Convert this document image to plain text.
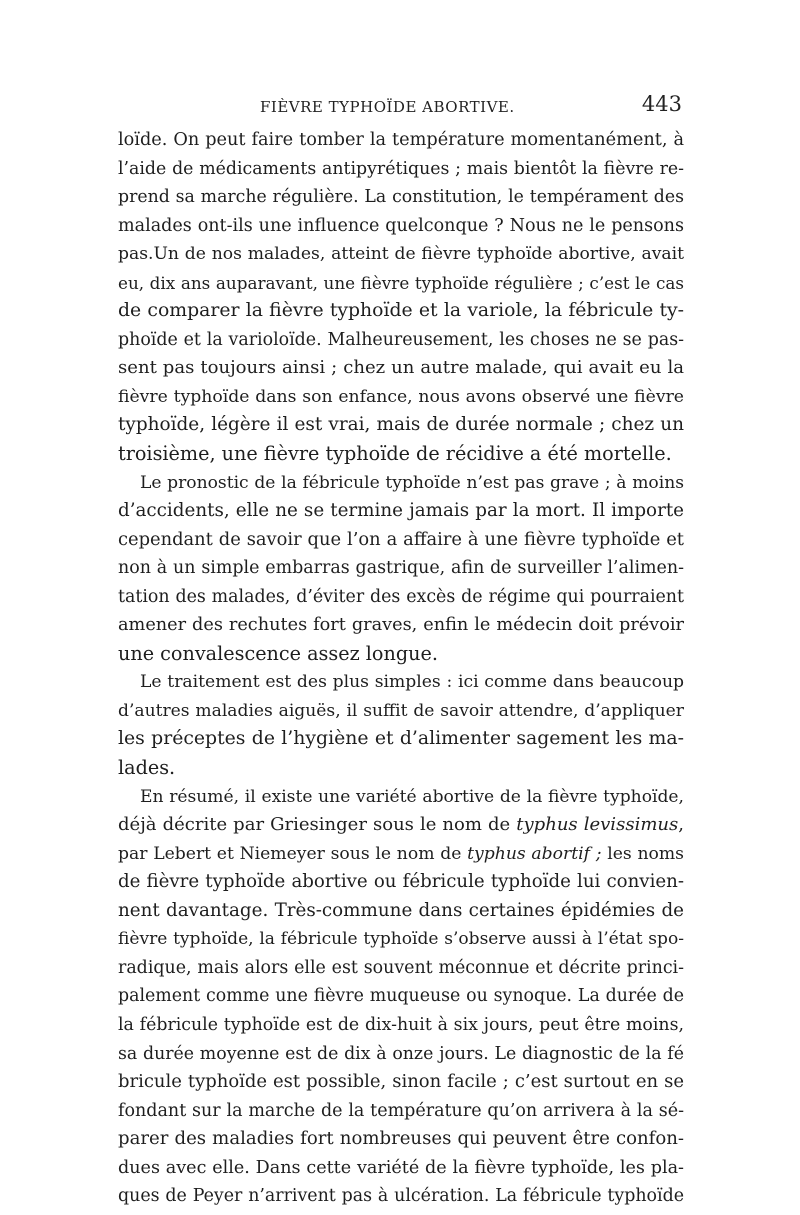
FIÈVRE TYPHOÏDE ABORTIVE.	443
loïde. On peut faire tomber la température momentanément, à
l’aide de médicaments antipyrétiques ; mais bientôt la fièvre re-
prend sa marche régulière. La constitution, le tempérament des
malades ont-ils une influence quelconque ? Nous ne le pensons
pas.Un de nos malades, atteint de fièvre typhoïde abortive, avait
eu, dix ans auparavant, une fièvre typhoïde régulière ; c’est le cas
de comparer la fièvre typhoïde et la variole, la fébricule ty-
phoïde et la varioloïde. Malheureusement, les choses ne se pas-
sent pas toujours ainsi ; chez un autre malade, qui avait eu la
fièvre typhoïde dans son enfance, nous avons observé une fièvre
typhoïde, légère il est vrai, mais de durée normale ; chez un
troisième, une fièvre typhoïde de récidive a été mortelle.
Le pronostic de la fébricule typhoïde n’est pas grave ; à moins
d’accidents, elle ne se termine jamais par la mort. Il importe
cependant de savoir que l’on a affaire à une fièvre typhoïde et
non à un simple embarras gastrique, afin de surveiller l’alimen-
tation des malades, d’éviter des excès de régime qui pourraient
amener des rechutes fort graves, enfin le médecin doit prévoir
une convalescence assez longue.
Le traitement est des plus simples : ici comme dans beaucoup
d’autres maladies aiguës, il suffit de savoir attendre, d’appliquer
les préceptes de l’hygiène et d’alimenter sagement les ma-
lades.
En résumé, il existe une variété abortive de la fièvre typhoïde,
déjà décrite par Griesinger sous le nom de typhus levissimus,
par Lebert et Niemeyer sous le nom de typhus abortif ; les noms
de fièvre typhoïde abortive ou fébricule typhoïde lui convien-
nent davantage. Très-commune dans certaines épidémies de
fièvre typhoïde, la fébricule typhoïde s’observe aussi à l’état spo-
radique, mais alors elle est souvent méconnue et décrite princi-
palement comme une fièvre muqueuse ou synoque. La durée de
la fébricule typhoïde est de dix-huit à six jours, peut être moins,
sa durée moyenne est de dix à onze jours. Le diagnostic de la fé
bricule typhoïde est possible, sinon facile ; c’est surtout en se
fondant sur la marche de la température qu’on arrivera à la sé-
parer des maladies fort nombreuses qui peuvent être confon-
dues avec elle. Dans cette variété de la fièvre typhoïde, les pla-
ques de Peyer n’arrivent pas à ulcération. La fébricule typhoïde
